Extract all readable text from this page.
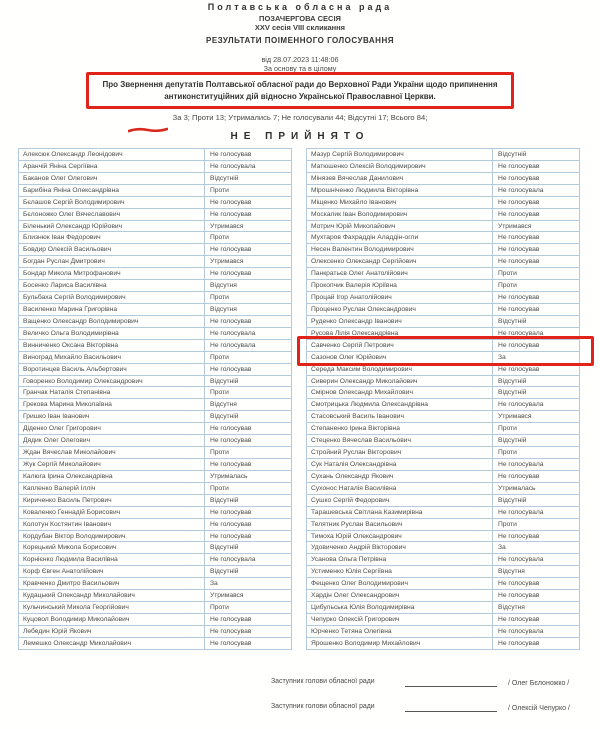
Полтавська обласна рада
ПОЗАЧЕРГОВА СЕСІЯ
XXV сесія VIII скликання
РЕЗУЛЬТАТИ ПОІМЕННОГО ГОЛОСУВАННЯ
від 28.07.2023 11:48:06
За основу та в цілому
Про Звернення депутатів Полтавської обласної ради до Верховної Ради України щодо припинення антиконституційних дій відносно Української Православної Церкви.
За 3; Проти 13; Утримались 7; Не голосували 44; Відсутні 17; Всього 84;
НЕ ПРИЙНЯТО
Алексюк Олександр Леонідович	Не голосував
Аранчій Яніна Сергіївна	Не голосувала
Баканов Олег Олегович	Відсутній
Барибіна Яніна Олександрівна	Проти
Бєлашов Сергій Володимирович	Не голосував
Бєлоножко Олег Вячеславович	Не голосував
Біленький Олександр Юрійович	Утримався
Близнюк Іван Федорович	Проти
Бовдир Олексій Васильович	Не голосував
Богдан Руслан Дмитрович	Утримався
Бондар Микола Митрофанович	Не голосував
Босенко Лариса Василівна	Відсутня
Бульбаха Сергій Володимирович	Проти
Василенко Марина Григорівна	Відсутня
Ващенко Олександр Володимирович	Не голосував
Величко Ольга Володимирівна	Не голосувала
Винниченко Оксана Вікторівна	Не голосувала
Виноград Михайло Васильович	Проти
Воротинцев Василь Альбертович	Не голосував
Говоренко Володимир Олександрович	Відсутній
Гранчак Наталія Степанівна	Проти
Грекова Марина Миколаївна	Відсутня
Гришко Іван Іванович	Відсутній
Діденко Олег Григорович	Не голосував
Дядик Олег Олегович	Не голосував
Ждан Вячеслав Миколайович	Проти
Жук Сергій Миколайович	Не голосував
Калюга Ірина Олександрівна	Утрималась
Капленко Валерій Ілліч	Проти
Кириченко Василь Петрович	Відсутній
Коваленко Геннадій Борисович	Не голосував
Колотун Костянтин Іванович	Не голосував
Кордубан Віктор Володимирович	Не голосував
Корецький Микола Борисович	Відсутній
Корнієнко Людмила Василівна	Не голосувала
Корф Євген Анатолійович	Відсутній
Кравченко Дмитро Васильович	За
Кудацький Олександр Миколайович	Утримався
Кульчинський Микола Георгійович	Проти
Куцовол Володимир Миколайович	Не голосував
Лебедин Юрій Якович	Не голосував
Лемешко Олександр Миколайович	Не голосував
Мазур Сергій Володимирович	Відсутній
Матюшенко Олексій Володимирович	Не голосував
Мінязев Вячеслав Данилович	Не голосував
Мірошніченко Людмила Вікторівна	Не голосувала
Міщенко Михайло Іванович	Не голосував
Москалик Іван Володимирович	Не голосував
Мотрич Юрій Миколайович	Утримався
Мухтаров Фахраддін Аладдін-огли	Не голосував
Несен Валентин Володимирович	Не голосував
Олексенко Олександр Сергійович	Не голосував
Панкратьєв Олег Анатолійович	Проти
Прокопчик Валерія Юріївна	Проти
Процай Ігор Анатолійович	Не голосував
Проценко Руслан Олександрович	Не голосував
Руденко Олександр Іванович	Відсутній
Русова Лілія Олександрівна	Не голосувала
Савченко Сергій Петрович	Не голосував
Сазонов Олег Юрійович	За
Середа Максим Володимирович	Не голосував
Сиверин Олександр Миколайович	Відсутній
Смірнов Олександр Михайлович	Відсутній
Смотрицька Людмила Олександрівна	Не голосувала
Стасовський Василь Іванович	Утримався
Степаненко Ірина Вікторівна	Проти
Стеценко Вячеслав Васильович	Відсутній
Стройний Руслан Вікторович	Проти
Сук Наталія Олександрівна	Не голосувала
Сухань Олександр Якович	Не голосував
Сухонос Наталія Василівна	Утрималась
Сушко Сергій Федорович	Відсутній
Тарашевська Світлана Казимирівна	Не голосувала
Телятник Руслан Васильович	Проти
Тимоха Юрій Олександрович	Не голосував
Удовиченко Андрій Вікторович	За
Усанова Ольга Петрівна	Не голосувала
Устименко Юлія Сергіївна	Відсутня
Фещенко Олег Володимирович	Не голосував
Хардін Олег Олександрович	Не голосував
Цибульська Юлія Володимирівна	Відсутня
Чепурко Олексій Григорович	Не голосував
Юрченко Тетяна Олегівна	Не голосувала
Ярошенко Володимир Михайлович	Не голосував
Заступник голови обласної ради	/ Олег Бєлоножко /
Заступник голови обласної ради	/ Олексій Чепурко /
